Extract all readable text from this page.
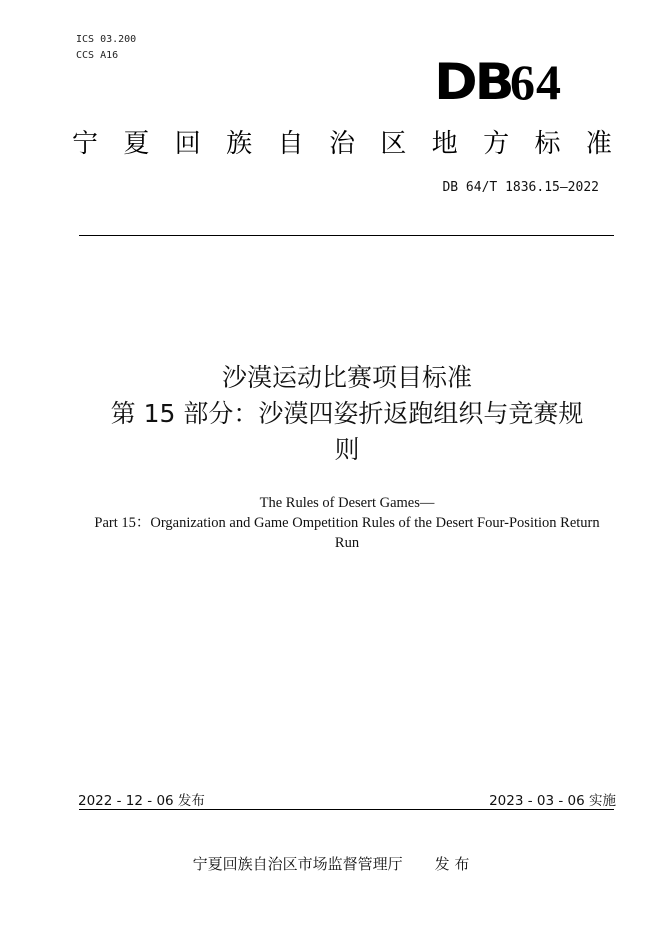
ICS 03.200
CCS A16	DB64
宁 夏 回 族 自 治 区 地 方 标 准
DB 64/T 1836.15—2022
沙漠运动比赛项目标准
第 15 部分：沙漠四姿折返跑组织与竞赛规
则
The Rules of Desert Games—
Part 15：Organization and Game Ompetition Rules of the Desert Four-Position Return
Run
2022 - 12 - 06 发布	2023 - 03 - 06 实施
宁夏回族自治区市场监督管理厅 发 布
